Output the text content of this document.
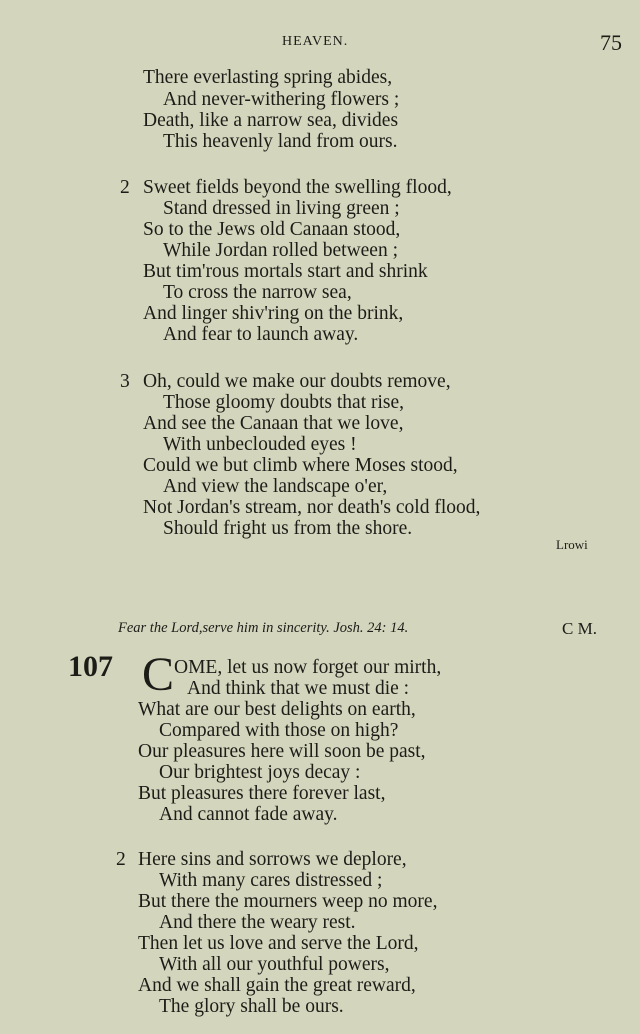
HEAVEN.	75
There everlasting spring abides,
And never-withering flowers ;
Death, like a narrow sea, divides
This heavenly land from ours.
2 Sweet fields beyond the swelling flood,
Stand dressed in living green ;
So to the Jews old Canaan stood,
While Jordan rolled between ;
But tim'rous mortals start and shrink
To cross the narrow sea,
And linger shiv'ring on the brink,
And fear to launch away.
3 Oh, could we make our doubts remove,
Those gloomy doubts that rise,
And see the Canaan that we love,
With unbeclouded eyes !
Could we but climb where Moses stood,
And view the landscape o'er,
Not Jordan's stream, nor death's cold flood,
Should fright us from the shore.
Lrowi
Fear the Lord,serve him in sincerity. Josh. 24: 14.	C M.
107 C OME, let us now forget our mirth,
And think that we must die :
What are our best delights on earth,
Compared with those on high?
Our pleasures here will soon be past,
Our brightest joys decay :
But pleasures there forever last,
And cannot fade away.
2 Here sins and sorrows we deplore,
With many cares distressed ;
But there the mourners weep no more,
And there the weary rest.
Then let us love and serve the Lord,
With all our youthful powers,
And we shall gain the great reward,
The glory shall be ours.
